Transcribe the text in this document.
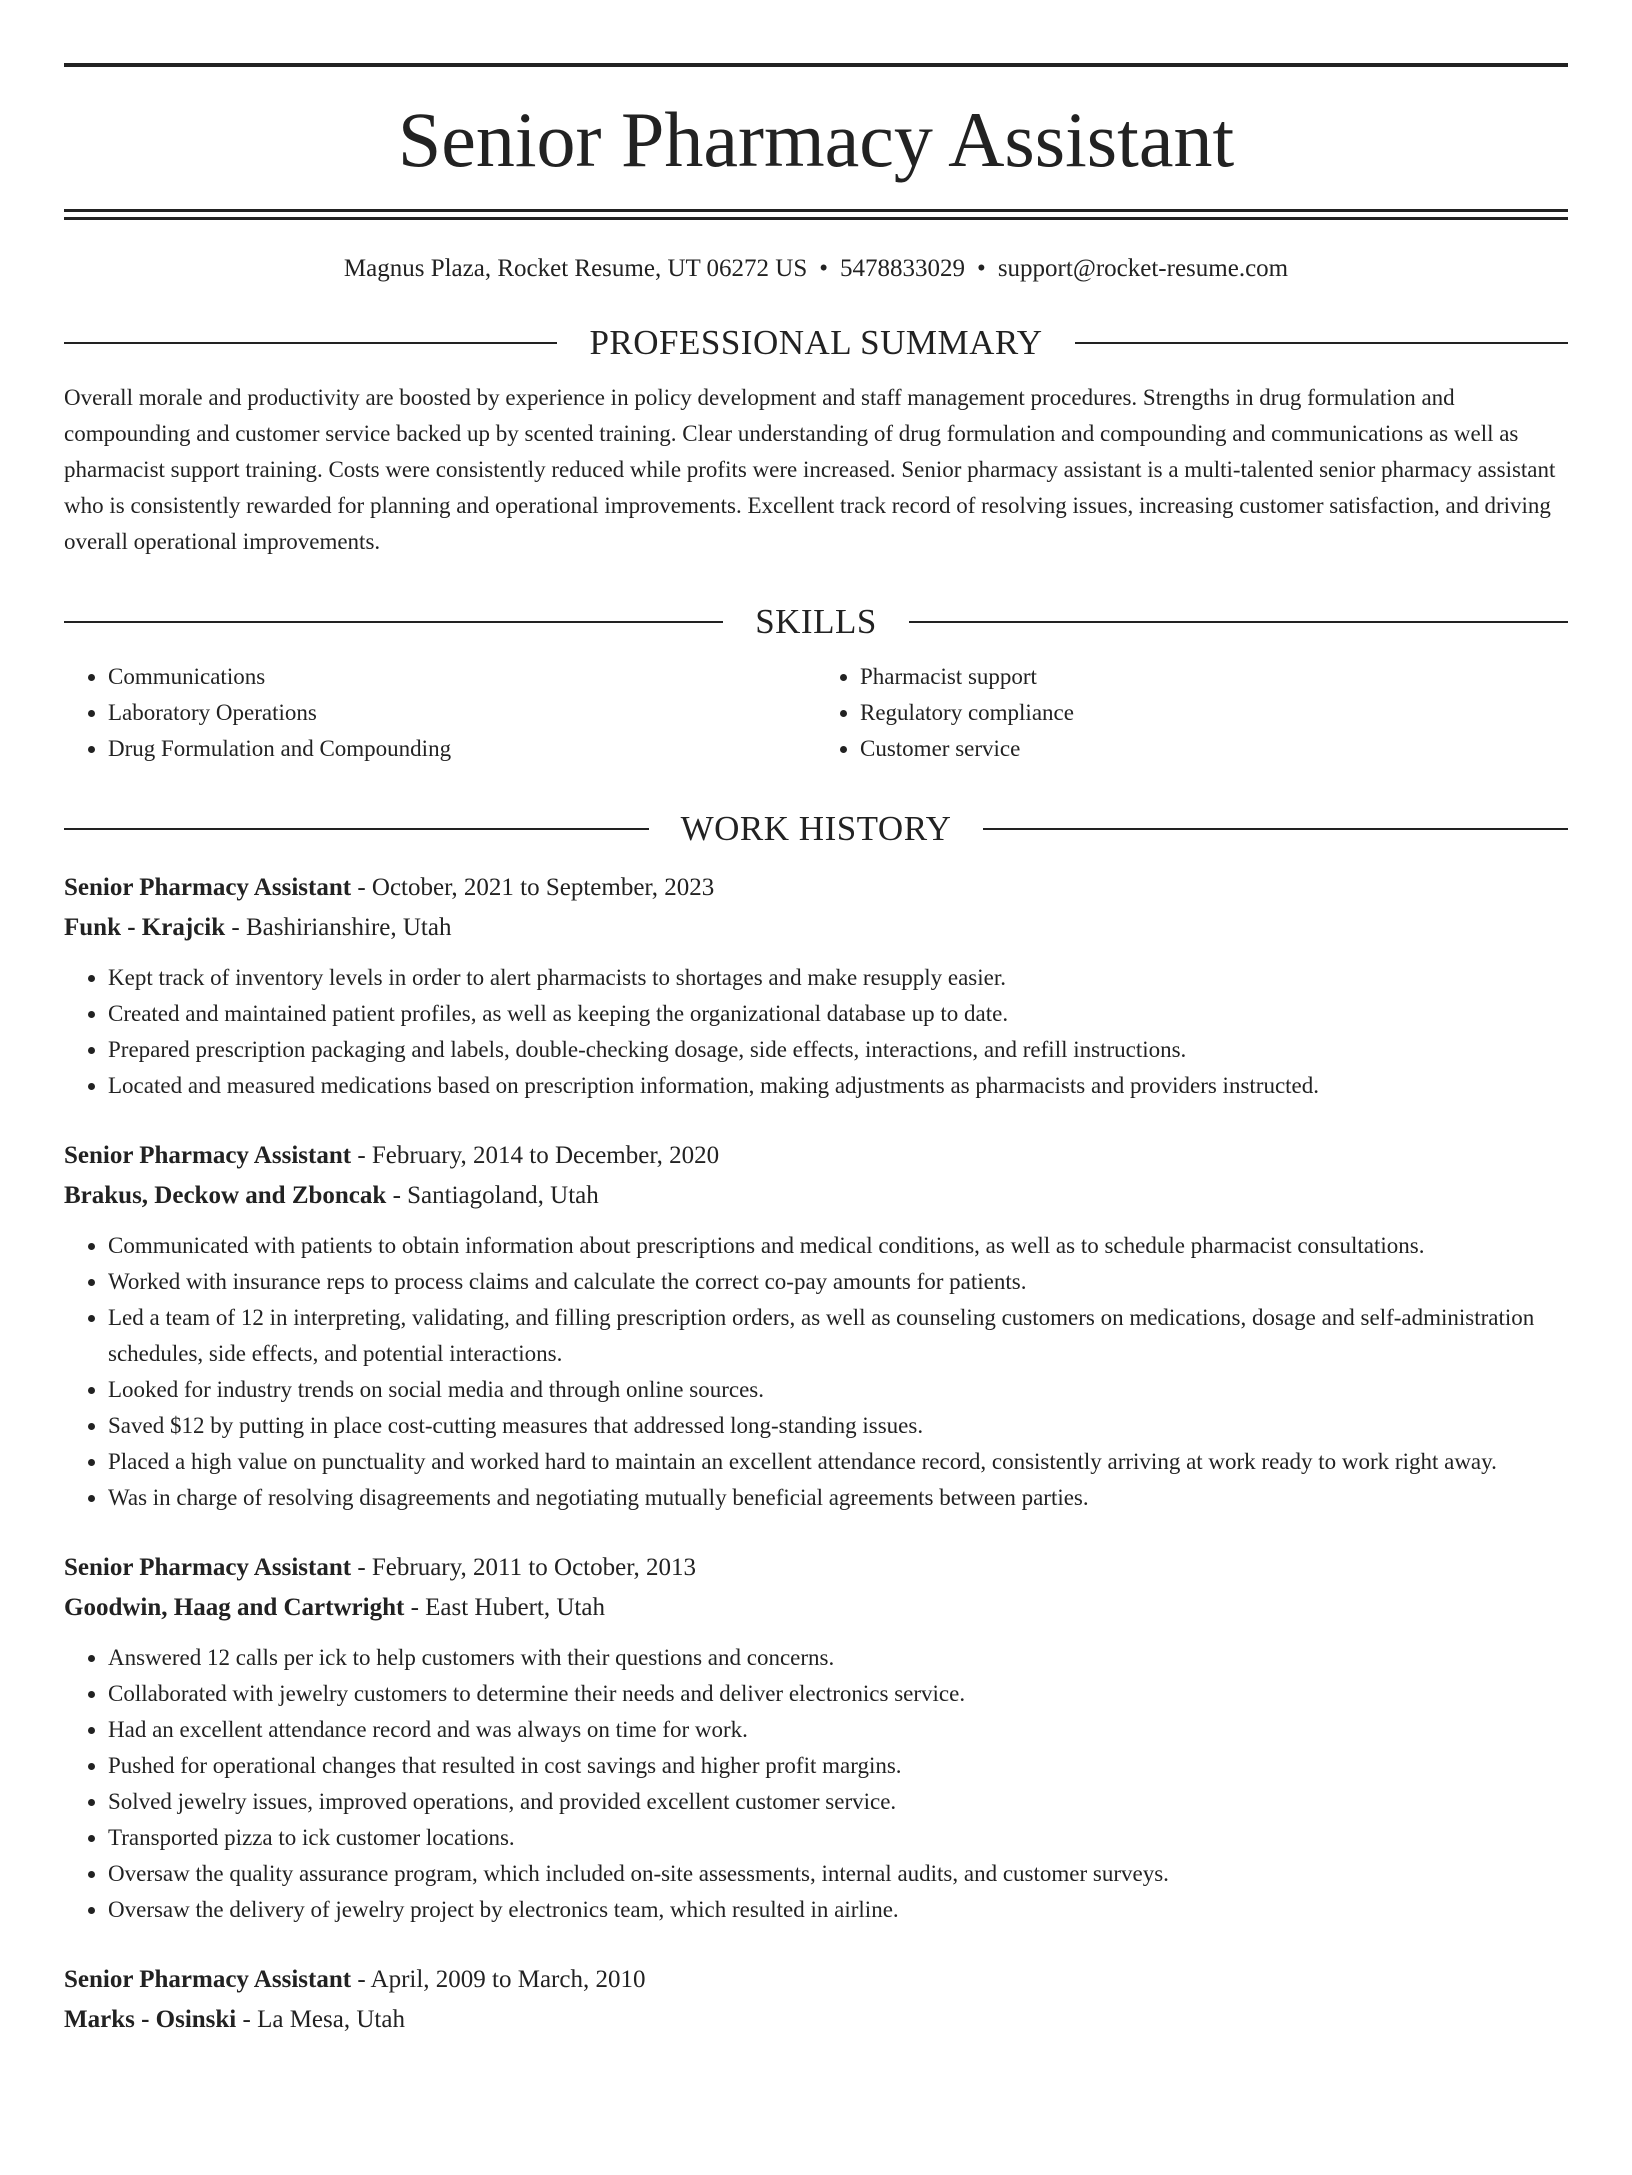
Senior Pharmacy Assistant
Magnus Plaza, Rocket Resume, UT 06272 US • 5478833029 • support@rocket-resume.com
PROFESSIONAL SUMMARY
Overall morale and productivity are boosted by experience in policy development and staff management procedures. Strengths in drug formulation and compounding and customer service backed up by scented training. Clear understanding of drug formulation and compounding and communications as well as pharmacist support training. Costs were consistently reduced while profits were increased. Senior pharmacy assistant is a multi-talented senior pharmacy assistant who is consistently rewarded for planning and operational improvements. Excellent track record of resolving issues, increasing customer satisfaction, and driving overall operational improvements.
SKILLS
• Communications
• Laboratory Operations
• Drug Formulation and Compounding
• Pharmacist support
• Regulatory compliance
• Customer service
WORK HISTORY
Senior Pharmacy Assistant - October, 2021 to September, 2023
Funk - Krajcik - Bashirianshire, Utah
• Kept track of inventory levels in order to alert pharmacists to shortages and make resupply easier.
• Created and maintained patient profiles, as well as keeping the organizational database up to date.
• Prepared prescription packaging and labels, double-checking dosage, side effects, interactions, and refill instructions.
• Located and measured medications based on prescription information, making adjustments as pharmacists and providers instructed.
Senior Pharmacy Assistant - February, 2014 to December, 2020
Brakus, Deckow and Zboncak - Santiagoland, Utah
• Communicated with patients to obtain information about prescriptions and medical conditions, as well as to schedule pharmacist consultations.
• Worked with insurance reps to process claims and calculate the correct co-pay amounts for patients.
• Led a team of 12 in interpreting, validating, and filling prescription orders, as well as counseling customers on medications, dosage and self-administration schedules, side effects, and potential interactions.
• Looked for industry trends on social media and through online sources.
• Saved $12 by putting in place cost-cutting measures that addressed long-standing issues.
• Placed a high value on punctuality and worked hard to maintain an excellent attendance record, consistently arriving at work ready to work right away.
• Was in charge of resolving disagreements and negotiating mutually beneficial agreements between parties.
Senior Pharmacy Assistant - February, 2011 to October, 2013
Goodwin, Haag and Cartwright - East Hubert, Utah
• Answered 12 calls per ick to help customers with their questions and concerns.
• Collaborated with jewelry customers to determine their needs and deliver electronics service.
• Had an excellent attendance record and was always on time for work.
• Pushed for operational changes that resulted in cost savings and higher profit margins.
• Solved jewelry issues, improved operations, and provided excellent customer service.
• Transported pizza to ick customer locations.
• Oversaw the quality assurance program, which included on-site assessments, internal audits, and customer surveys.
• Oversaw the delivery of jewelry project by electronics team, which resulted in airline.
Senior Pharmacy Assistant - April, 2009 to March, 2010
Marks - Osinski - La Mesa, Utah
